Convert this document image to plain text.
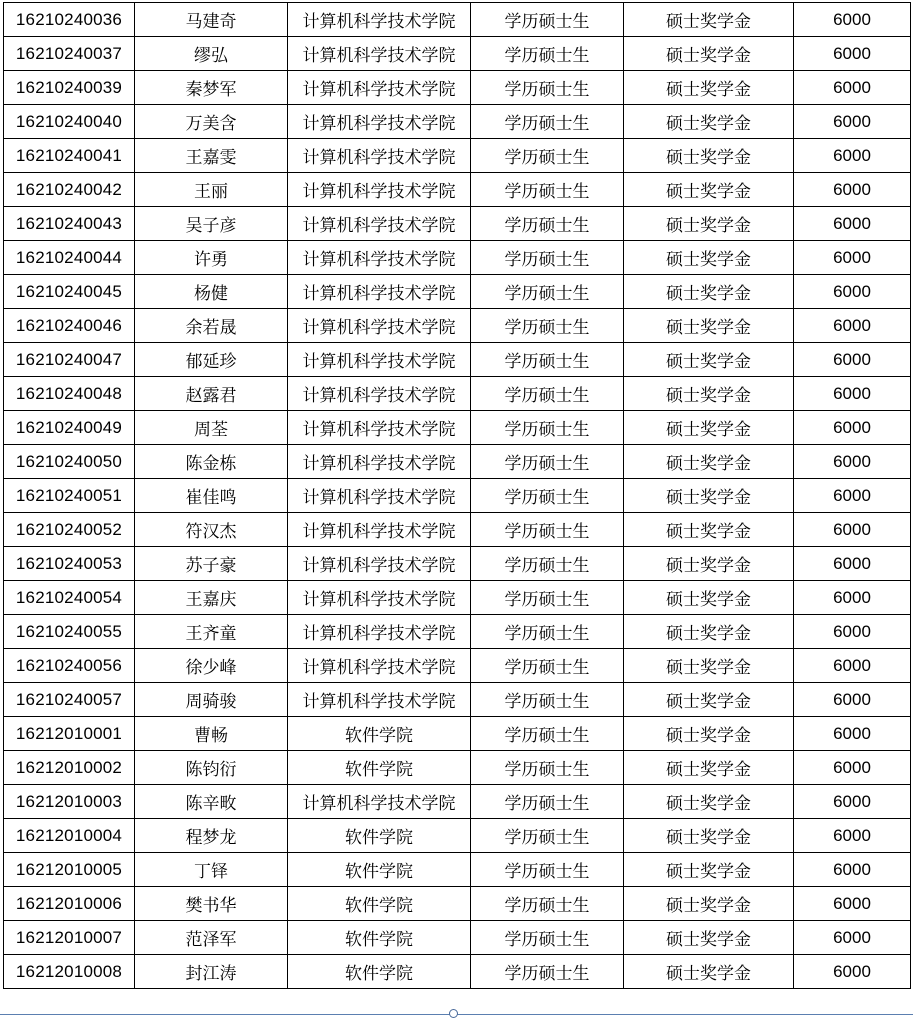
16210240036	马建奇	计算机科学技术学院	学历硕士生	硕士奖学金	6000
16210240037	缪弘	计算机科学技术学院	学历硕士生	硕士奖学金	6000
16210240039	秦梦军	计算机科学技术学院	学历硕士生	硕士奖学金	6000
16210240040	万美含	计算机科学技术学院	学历硕士生	硕士奖学金	6000
16210240041	王嘉雯	计算机科学技术学院	学历硕士生	硕士奖学金	6000
16210240042	王丽	计算机科学技术学院	学历硕士生	硕士奖学金	6000
16210240043	吴子彦	计算机科学技术学院	学历硕士生	硕士奖学金	6000
16210240044	许勇	计算机科学技术学院	学历硕士生	硕士奖学金	6000
16210240045	杨健	计算机科学技术学院	学历硕士生	硕士奖学金	6000
16210240046	余若晟	计算机科学技术学院	学历硕士生	硕士奖学金	6000
16210240047	郁延珍	计算机科学技术学院	学历硕士生	硕士奖学金	6000
16210240048	赵露君	计算机科学技术学院	学历硕士生	硕士奖学金	6000
16210240049	周荃	计算机科学技术学院	学历硕士生	硕士奖学金	6000
16210240050	陈金栋	计算机科学技术学院	学历硕士生	硕士奖学金	6000
16210240051	崔佳鸣	计算机科学技术学院	学历硕士生	硕士奖学金	6000
16210240052	符汉杰	计算机科学技术学院	学历硕士生	硕士奖学金	6000
16210240053	苏子豪	计算机科学技术学院	学历硕士生	硕士奖学金	6000
16210240054	王嘉庆	计算机科学技术学院	学历硕士生	硕士奖学金	6000
16210240055	王齐童	计算机科学技术学院	学历硕士生	硕士奖学金	6000
16210240056	徐少峰	计算机科学技术学院	学历硕士生	硕士奖学金	6000
16210240057	周骑骏	计算机科学技术学院	学历硕士生	硕士奖学金	6000
16212010001	曹畅	软件学院	学历硕士生	硕士奖学金	6000
16212010002	陈钧衍	软件学院	学历硕士生	硕士奖学金	6000
16212010003	陈辛畋	计算机科学技术学院	学历硕士生	硕士奖学金	6000
16212010004	程梦龙	软件学院	学历硕士生	硕士奖学金	6000
16212010005	丁铎	软件学院	学历硕士生	硕士奖学金	6000
16212010006	樊书华	软件学院	学历硕士生	硕士奖学金	6000
16212010007	范泽军	软件学院	学历硕士生	硕士奖学金	6000
16212010008	封江涛	软件学院	学历硕士生	硕士奖学金	6000
